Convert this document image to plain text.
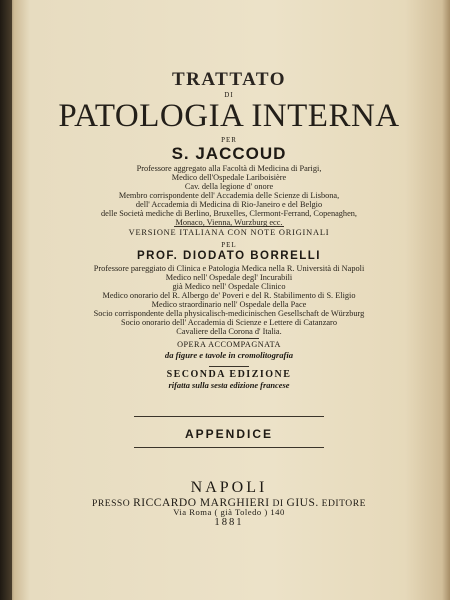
TRATTATO
DI
PATOLOGIA INTERNA
PER
S. JACCOUD
Professore aggregato alla Facoltà di Medicina di Parigi,
Medico dell'Ospedale Lariboisière
Cav. della legione d' onore
Membro corrispondente dell' Accademia delle Scienze di Lisbona,
dell' Accademia di Medicina di Rio-Janeiro e del Belgio
delle Società mediche di Berlino, Bruxelles, Clermont-Ferrand, Copenaghen,
Monaco, Vienna, Wurzburg ecc.
VERSIONE ITALIANA CON NOTE ORIGINALI
PEL
PROF. DIODATO BORRELLI
Professore pareggiato di Clinica e Patologia Medica nella R. Università di Napoli
Medico nell' Ospedale degl' Incurabili
già Medico nell' Ospedale Clinico
Medico onorario del R. Albergo de' Poveri e del R. Stabilimento di S. Eligio
Medico straordinario nell' Ospedale della Pace
Socio corrispondente della physicalisch-medicinischen Gesellschaft de Würzburg
Socio onorario dell' Accademia di Scienze e Lettere di Catanzaro
Cavaliere della Corona d' Italia.
OPERA ACCOMPAGNATA
da figure e tavole in cromolitografia
SECONDA EDIZIONE
rifatta sulla sesta edizione francese
APPENDICE
NAPOLI
PRESSO RICCARDO MARGHIERI DI GIUS. EDITORE
Via Roma ( già Toledo ) 140
1881
